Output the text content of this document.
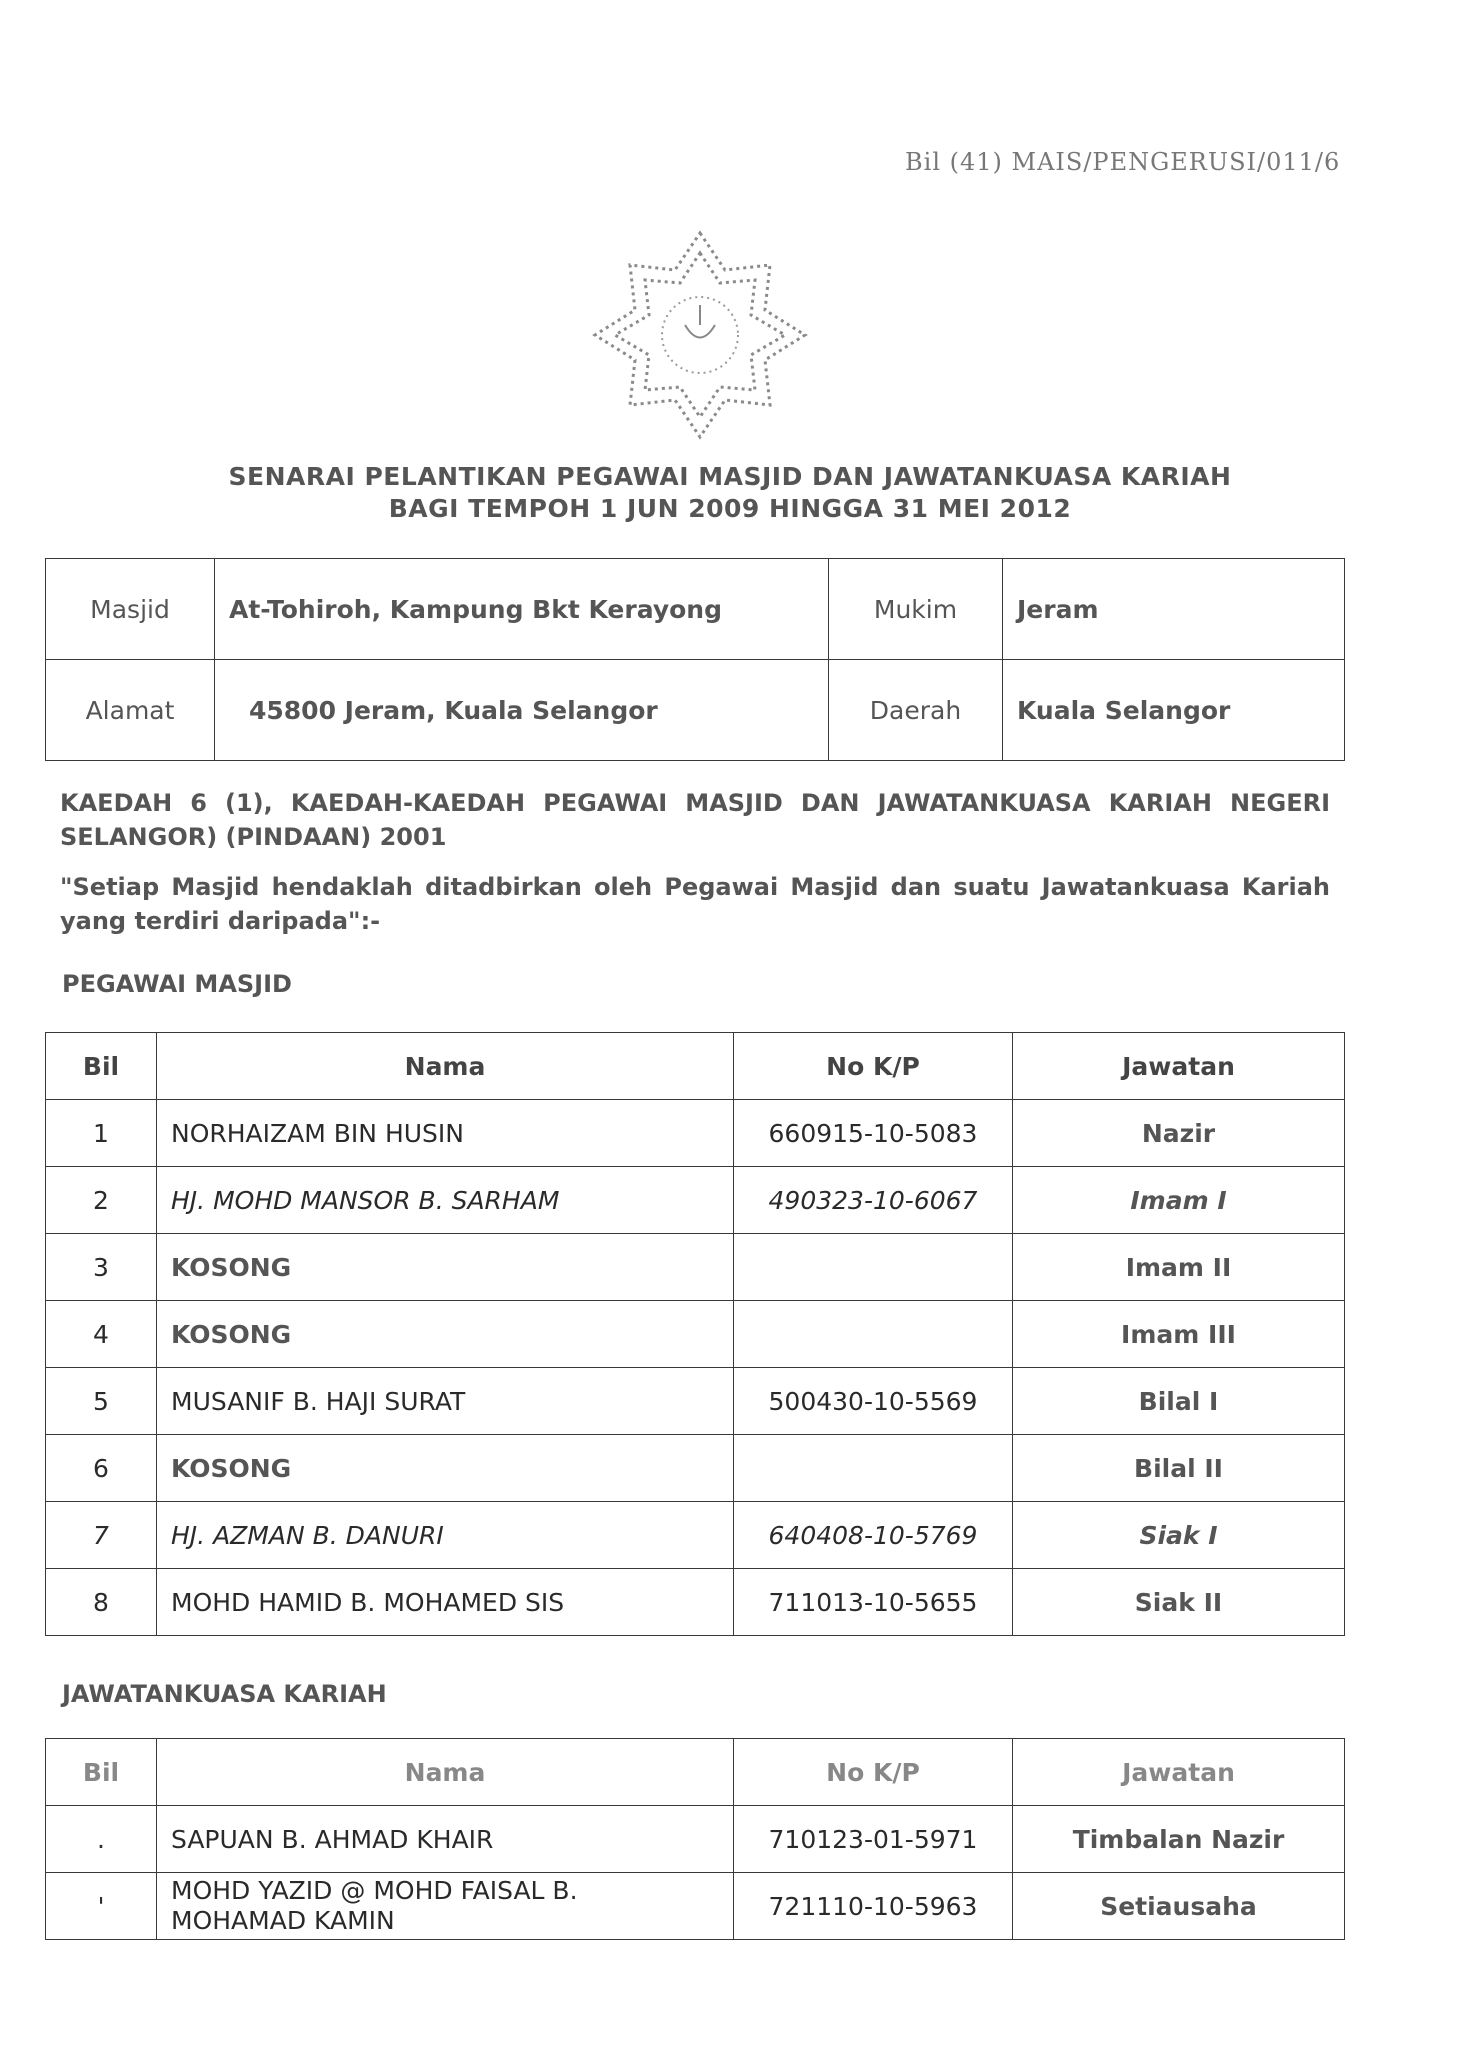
Bil (41) MAIS/PENGERUSI/011/6
SENARAI PELANTIKAN PEGAWAI MASJID DAN JAWATANKUASA KARIAH
BAGI TEMPOH 1 JUN 2009 HINGGA 31 MEI 2012
Masjid	At-Tohiroh, Kampung Bkt Kerayong	Mukim	Jeram
Alamat	45800 Jeram, Kuala Selangor	Daerah	Kuala Selangor
KAEDAH 6 (1), KAEDAH-KAEDAH PEGAWAI MASJID DAN JAWATANKUASA KARIAH NEGERI SELANGOR) (PINDAAN) 2001
"Setiap Masjid hendaklah ditadbirkan oleh Pegawai Masjid dan suatu Jawatankuasa Kariah yang terdiri daripada":-
PEGAWAI MASJID
Bil	Nama	No K/P	Jawatan
1	NORHAIZAM BIN HUSIN	660915-10-5083	Nazir
2	HJ. MOHD MANSOR B. SARHAM	490323-10-6067	Imam I
3	KOSONG		Imam II
4	KOSONG		Imam III
5	MUSANIF B. HAJI SURAT	500430-10-5569	Bilal I
6	KOSONG		Bilal II
7	HJ. AZMAN B. DANURI	640408-10-5769	Siak I
8	MOHD HAMID B. MOHAMED SIS	711013-10-5655	Siak II
JAWATANKUASA KARIAH
Bil	Nama	No K/P	Jawatan
.	SAPUAN B. AHMAD KHAIR	710123-01-5971	Timbalan Nazir
'	MOHD YAZID @ MOHD FAISAL B. MOHAMAD KAMIN	721110-10-5963	Setiausaha
